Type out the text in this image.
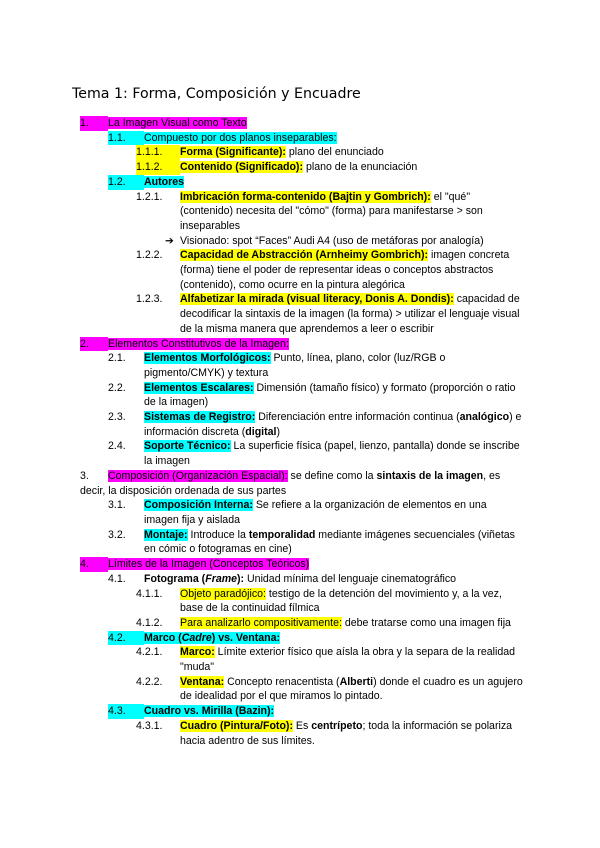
Tema 1: Forma, Composición y Encuadre
1.	La Imagen Visual como Texto
1.1.	Compuesto por dos planos inseparables:
1.1.1.	Forma (Significante): plano del enunciado
1.1.2.	Contenido (Significado): plano de la enunciación
1.2.	Autores
1.2.1. Imbricación forma-contenido (Bajtin y Gombrich): el "qué" (contenido) necesita del "cómo" (forma) para manifestarse > son inseparables
➔ Visionado: spot “Faces” Audi A4 (uso de metáforas por analogía)
1.2.2. Capacidad de Abstracción (Arnheimy Gombrich): imagen concreta (forma) tiene el poder de representar ideas o conceptos abstractos (contenido), como ocurre en la pintura alegórica
1.2.3. Alfabetizar la mirada (visual literacy, Donis A. Dondis): capacidad de decodificar la sintaxis de la imagen (la forma) > utilizar el lenguaje visual de la misma manera que aprendemos a leer o escribir
2.	Elementos Constitutivos de la Imagen:
2.1. Elementos Morfológicos: Punto, línea, plano, color (luz/RGB o pigmento/CMYK) y textura
2.2. Elementos Escalares: Dimensión (tamaño físico) y formato (proporción o ratio de la imagen)
2.3. Sistemas de Registro: Diferenciación entre información continua (analógico) e información discreta (digital)
2.4. Soporte Técnico: La superficie física (papel, lienzo, pantalla) donde se inscribe la imagen
3.	Composición (Organización Espacial): se define como la sintaxis de la imagen, es decir, la disposición ordenada de sus partes
3.1. Composición Interna: Se refiere a la organización de elementos en una imagen fija y aislada
3.2. Montaje: Introduce la temporalidad mediante imágenes secuenciales (viñetas en cómic o fotogramas en cine)
4.	Límites de la Imagen (Conceptos Teóricos)
4.1. Fotograma (Frame): Unidad mínima del lenguaje cinematográfico
4.1.1. Objeto paradójico: testigo de la detención del movimiento y, a la vez, base de la continuidad fílmica
4.1.2. Para analizarlo compositivamente: debe tratarse como una imagen fija
4.2.	Marco (Cadre) vs. Ventana:
4.2.1. Marco: Límite exterior físico que aísla la obra y la separa de la realidad "muda"
4.2.2. Ventana: Concepto renacentista (Alberti) donde el cuadro es un agujero de idealidad por el que miramos lo pintado.
4.3.	Cuadro vs. Mirilla (Bazin):
4.3.1. Cuadro (Pintura/Foto): Es centrípeto; toda la información se polariza hacia adentro de sus límites.
